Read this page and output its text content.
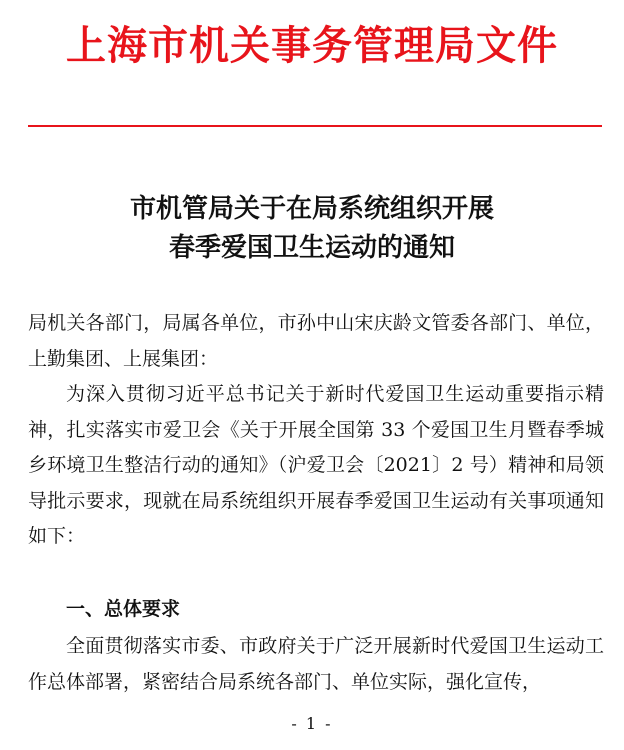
上海市机关事务管理局文件
市机管局关于在局系统组织开展
春季爱国卫生运动的通知

局机关各部门，局属各单位，市孙中山宋庆龄文管委各部门、单位，上勤集团、上展集团：

为深入贯彻习近平总书记关于新时代爱国卫生运动重要指示精神，扎实落实市爱卫会《关于开展全国第 33 个爱国卫生月暨春季城乡环境卫生整洁行动的通知》（沪爱卫会〔2021〕2 号）精神和局领导批示要求，现就在局系统组织开展春季爱国卫生运动有关事项通知如下：

一、总体要求

全面贯彻落实市委、市政府关于广泛开展新时代爱国卫生运动工作总体部署，紧密结合局系统各部门、单位实际，强化宣传，

- 1 -
